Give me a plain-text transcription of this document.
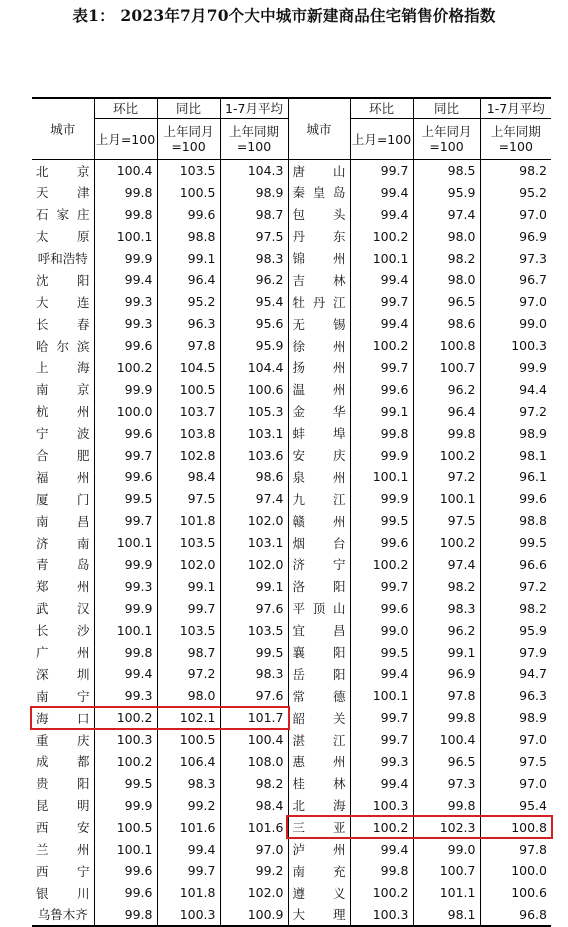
表1： 2023年7月70个大中城市新建商品住宅销售价格指数
城市	环比	同比	1-7月平均	城市	环比	同比	1-7月平均
	上月=100	上年同月=100	上年同期=100		上月=100	上年同月=100	上年同期=100

北 京	100.4	103.5	104.3	唐 山	99.7	98.5	98.2

天 津	99.8	100.5	98.9	秦 皇 岛	99.4	95.9	95.2

石 家 庄	99.8	99.6	98.7	包 头	99.4	97.4	97.0

太 原	100.1	98.8	97.5	丹 东	100.2	98.0	96.9

呼和浩特	99.9	99.1	98.3	锦 州	100.1	98.2	97.3

沈 阳	99.4	96.4	96.2	吉 林	99.4	98.0	96.7

大 连	99.3	95.2	95.4	牡 丹 江	99.7	96.5	97.0

长 春	99.3	96.3	95.6	无 锡	99.4	98.6	99.0

哈 尔 滨	99.6	97.8	95.9	徐 州	100.2	100.8	100.3

上 海	100.2	104.5	104.4	扬 州	99.7	100.7	99.9

南 京	99.9	100.5	100.6	温 州	99.6	96.2	94.4

杭 州	100.0	103.7	105.3	金 华	99.1	96.4	97.2

宁 波	99.6	103.8	103.1	蚌 埠	99.8	99.8	98.9

合 肥	99.7	102.8	103.6	安 庆	99.9	100.2	98.1

福 州	99.6	98.4	98.6	泉 州	100.1	97.2	96.1

厦 门	99.5	97.5	97.4	九 江	99.9	100.1	99.6

南 昌	99.7	101.8	102.0	赣 州	99.5	97.5	98.8

济 南	100.1	103.5	103.1	烟 台	99.6	100.2	99.5

青 岛	99.9	102.0	102.0	济 宁	100.2	97.4	96.6

郑 州	99.3	99.1	99.1	洛 阳	99.7	98.2	97.2

武 汉	99.9	99.7	97.6	平 顶 山	99.6	98.3	98.2

长 沙	100.1	103.5	103.5	宜 昌	99.0	96.2	95.9

广 州	99.8	98.7	99.5	襄 阳	99.5	99.1	97.9

深 圳	99.4	97.2	98.3	岳 阳	99.4	96.9	94.7

南 宁	99.3	98.0	97.6	常 德	100.1	97.8	96.3

海 口	100.2	102.1	101.7	韶 关	99.7	99.8	98.9

重 庆	100.3	100.5	100.4	湛 江	99.7	100.4	97.0

成 都	100.2	106.4	108.0	惠 州	99.3	96.5	97.5

贵 阳	99.5	98.3	98.2	桂 林	99.4	97.3	97.0

昆 明	99.9	99.2	98.4	北 海	100.3	99.8	95.4

西 安	100.5	101.6	101.6	三 亚	100.2	102.3	100.8

兰 州	100.1	99.4	97.0	泸 州	99.4	99.0	97.8

西 宁	99.6	99.7	99.2	南 充	99.8	100.7	100.0

银 川	99.6	101.8	102.0	遵 义	100.2	101.1	100.6

乌鲁木齐	99.8	100.3	100.9	大 理	100.3	98.1	96.8
